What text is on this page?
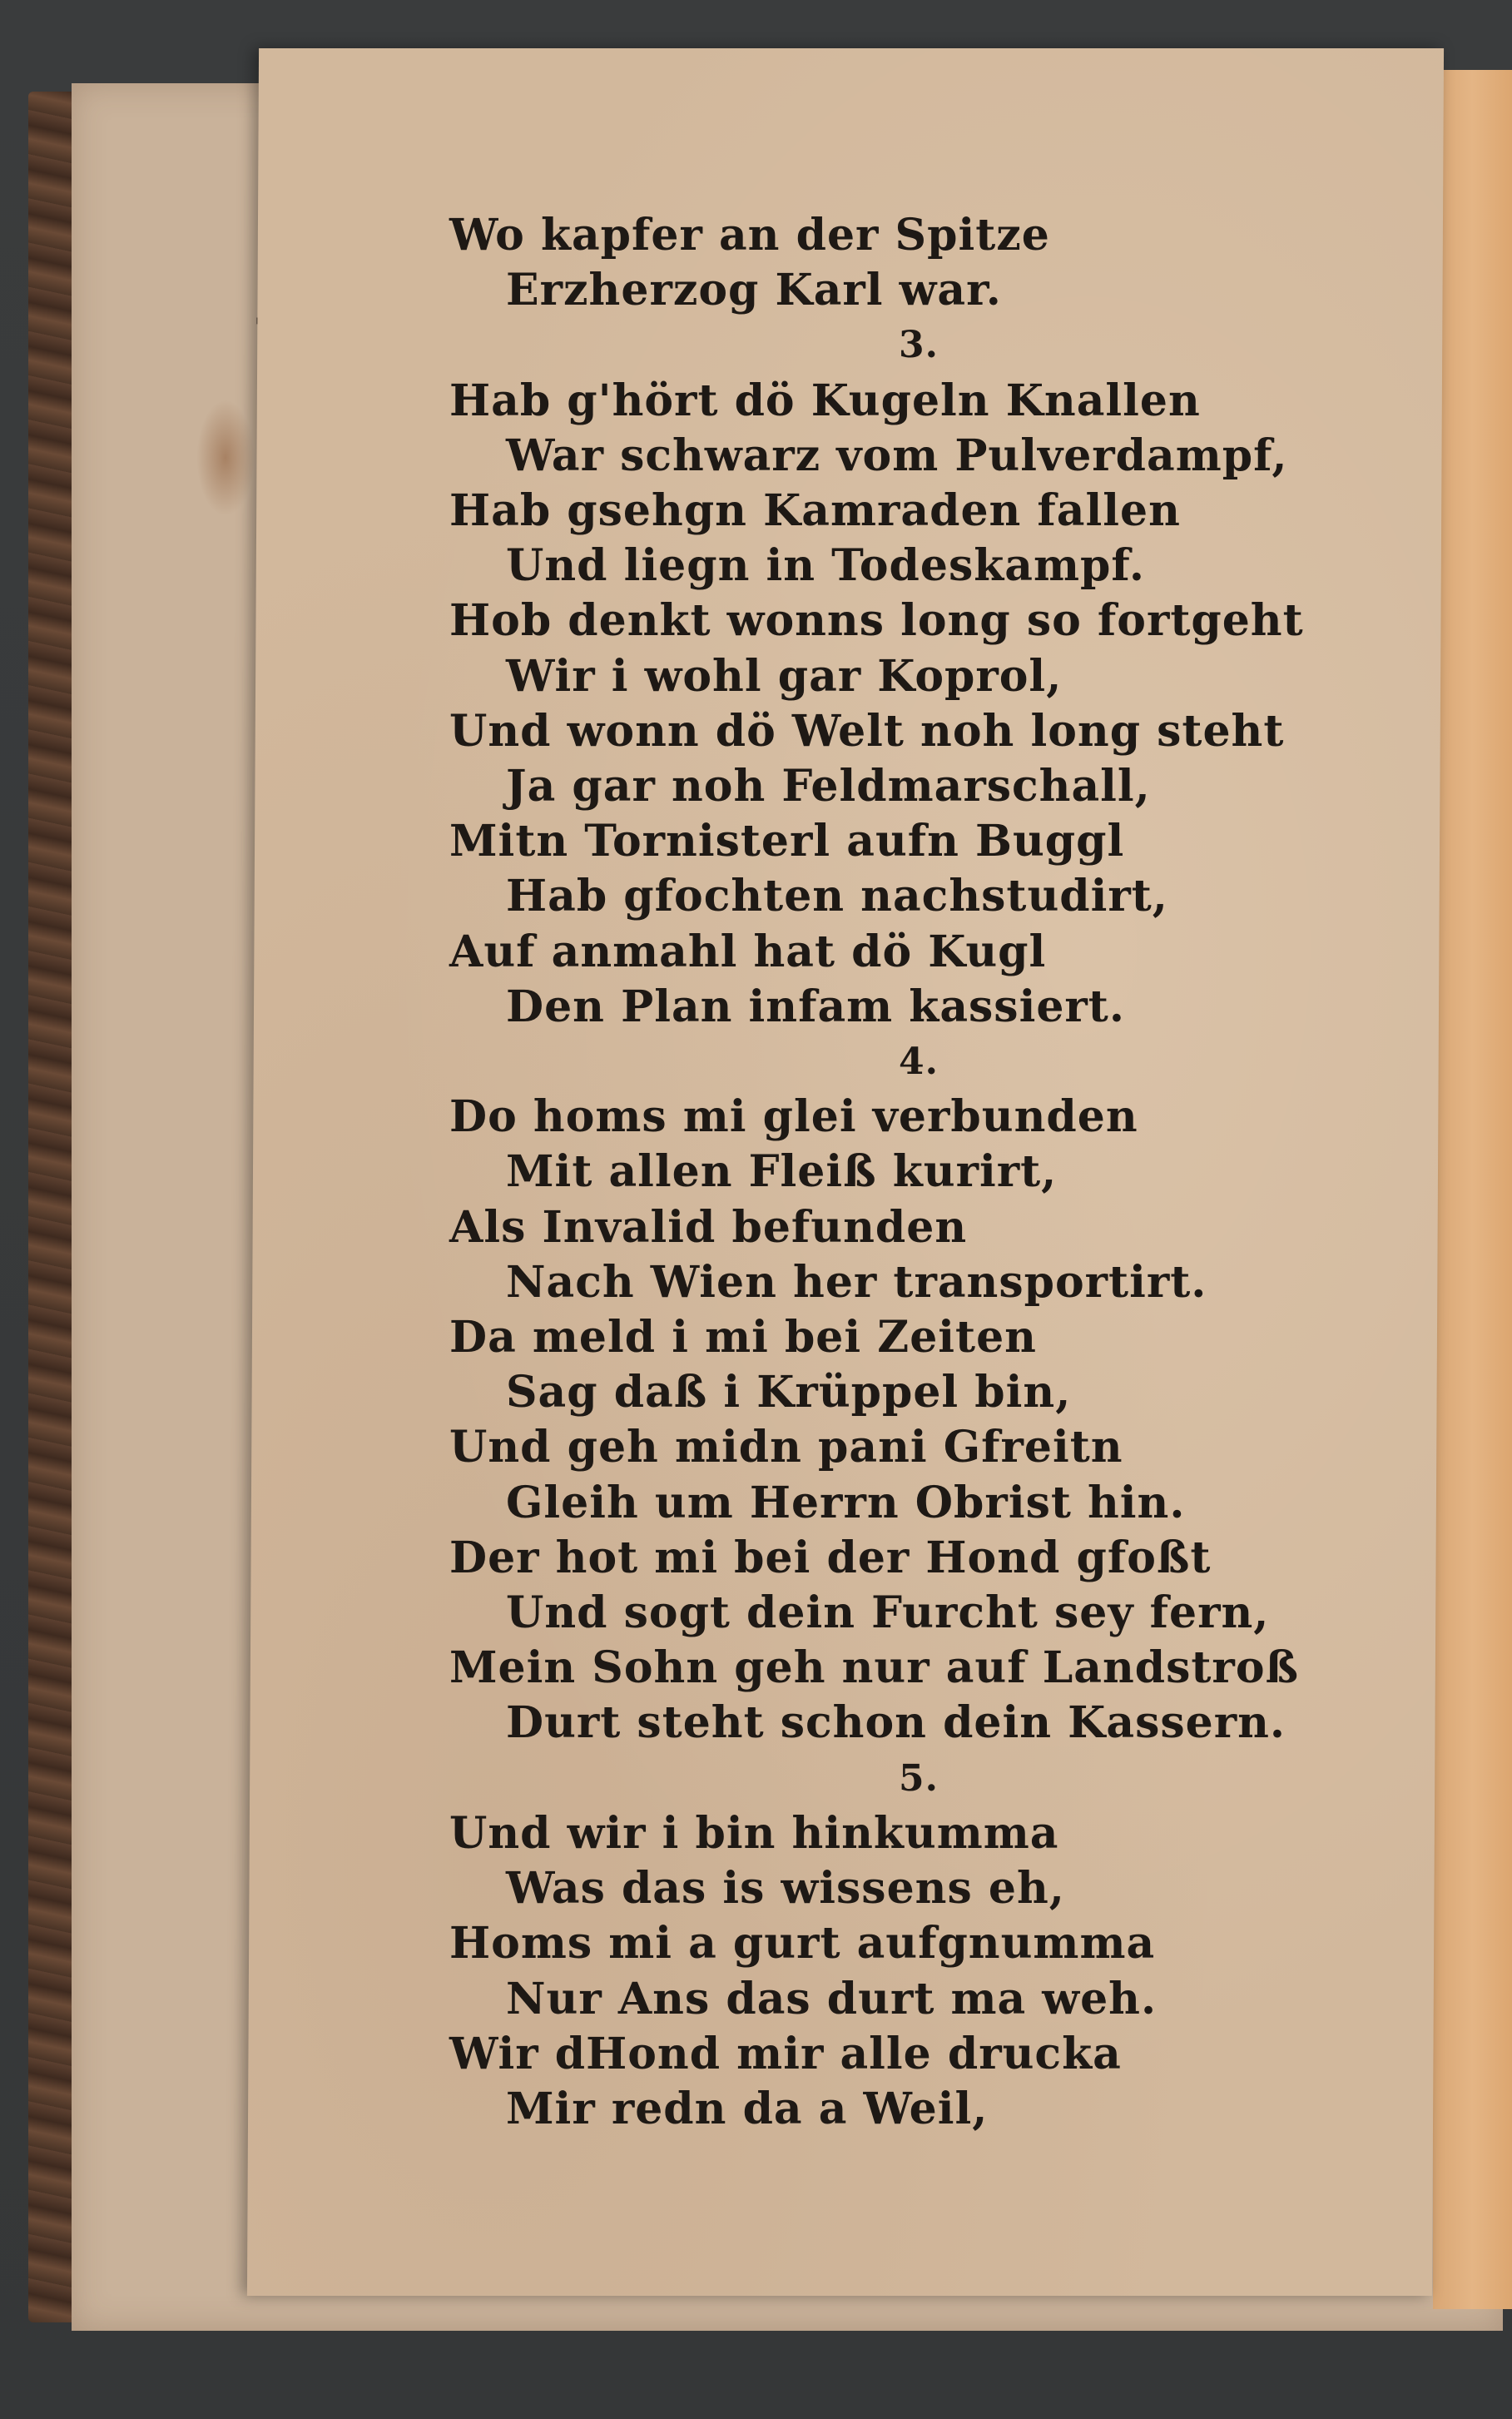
Wo kapfer an der Spitze
Erzherzog Karl war.
3.
Hab g'hört dö Kugeln Knallen
War schwarz vom Pulverdampf,
Hab gsehgn Kamraden fallen
Und liegn in Todeskampf.
Hob denkt wonns long so fortgeht
Wir i wohl gar Koprol,
Und wonn dö Welt noh long steht
Ja gar noh Feldmarschall,
Mitn Tornisterl aufn Buggl
Hab gfochten nachstudirt,
Auf anmahl hat dö Kugl
Den Plan infam kassiert.
4.
Do homs mi glei verbunden
Mit allen Fleiß kurirt,
Als Invalid befunden
Nach Wien her transportirt.
Da meld i mi bei Zeiten
Sag daß i Krüppel bin,
Und geh midn pani Gfreitn
Gleih um Herrn Obrist hin.
Der hot mi bei der Hond gfoßt
Und sogt dein Furcht sey fern,
Mein Sohn geh nur auf Landstroß
Durt steht schon dein Kassern.
5.
Und wir i bin hinkumma
Was das is wissens eh,
Homs mi a gurt aufgnumma
Nur Ans das durt ma weh.
Wir dHond mir alle drucka
Mir redn da a Weil,
